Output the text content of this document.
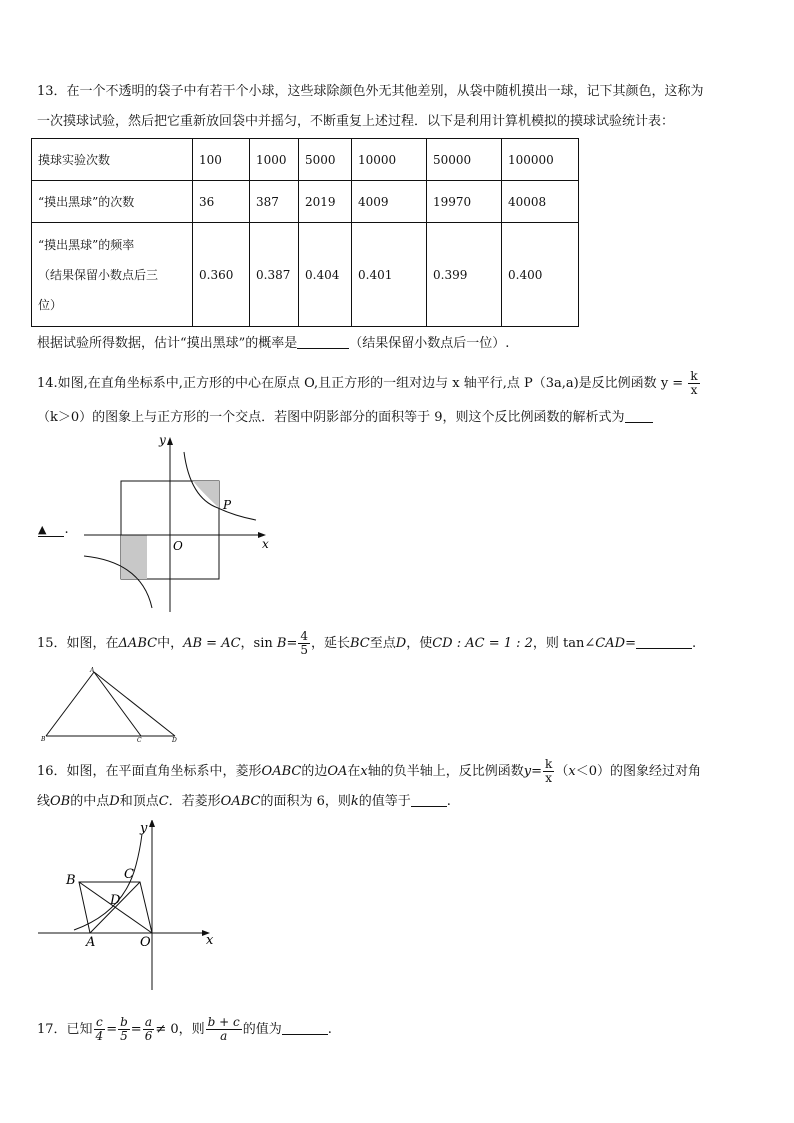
13．在一个不透明的袋子中有若干个小球，这些球除颜色外无其他差别，从袋中随机摸出一球，记下其颜色，这称为
一次摸球试验，然后把它重新放回袋中并摇匀，不断重复上述过程．以下是利用计算机模拟的摸球试验统计表：
摸球实验次数	100	1000	5000	10000	50000	100000
“摸出黑球”的次数	36	387	2019	4009	19970	40008

“摸出黑球”的频率
（结果保留小数点后三
位）	0.360	0.387	0.404	0.401	0.399	0.400
根据试验所得数据，估计“摸出黑球”的概率是	（结果保留小数点后一位）.
14.如图,在直角坐标系中,正方形的中心在原点 O,且正方形的一组对边与 x 轴平行,点 P（3a,a)是反比例函数 $y = \frac{k}{x}$
（k＞0）的图象上与正方形的一个交点．若图中阴影部分的面积等于 9，则这个反比例函数的解析式为
▲ .
y
x
O
P
15．如图，在ΔABC中，AB = AC，$\sin B= \frac{4}{5}$ ，延长BC至点D，使CD : AC = 1 : 2，则 tan∠CAD=	.
A
B	C	D
16．如图，在平面直角坐标系中，菱形OABC的边OA在x轴的负半轴上，反比例函数$y= \frac{k}{x} (x<0)$的图象经过对角
线OB的中点D和顶点C．若菱形OABC的面积为 6，则k的值等于	.
y
x
O
A
B	C
D
17．已知 $\frac{c}{4} = \frac{b}{5} = \frac{a}{6} \ne 0$，则 $\frac{b + c}{a}$ 的值为	.
